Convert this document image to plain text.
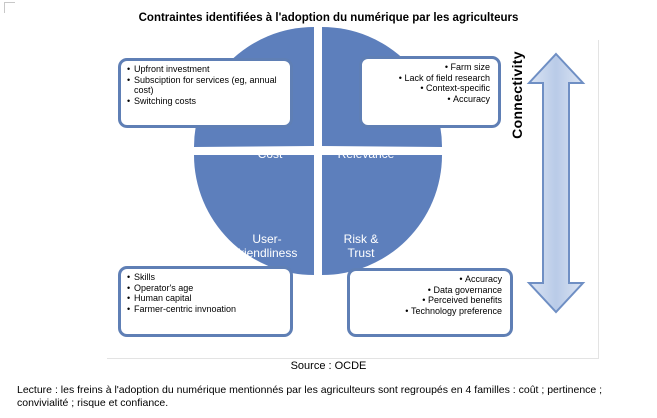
Contraintes identifiées à l'adoption du numérique par les agriculteurs
Cost	Relevance
User-
friendliness
Risk &
Trust
• Upfront investment
• Subsciption for services (eg, annual cost)
• Switching costs
• Farm size
• Lack of field research
• Context-specific
• Accuracy
• Skills
• Operator's age
• Human capital
• Farmer-centric invnoation
• Accuracy
• Data governance
• Perceived benefits
• Technology preference
Connectivity
Source : OCDE
Lecture : les freins à l'adoption du numérique mentionnés par les agriculteurs sont regroupés en 4 familles : coût ; pertinence ; convivialité ; risque et confiance.
